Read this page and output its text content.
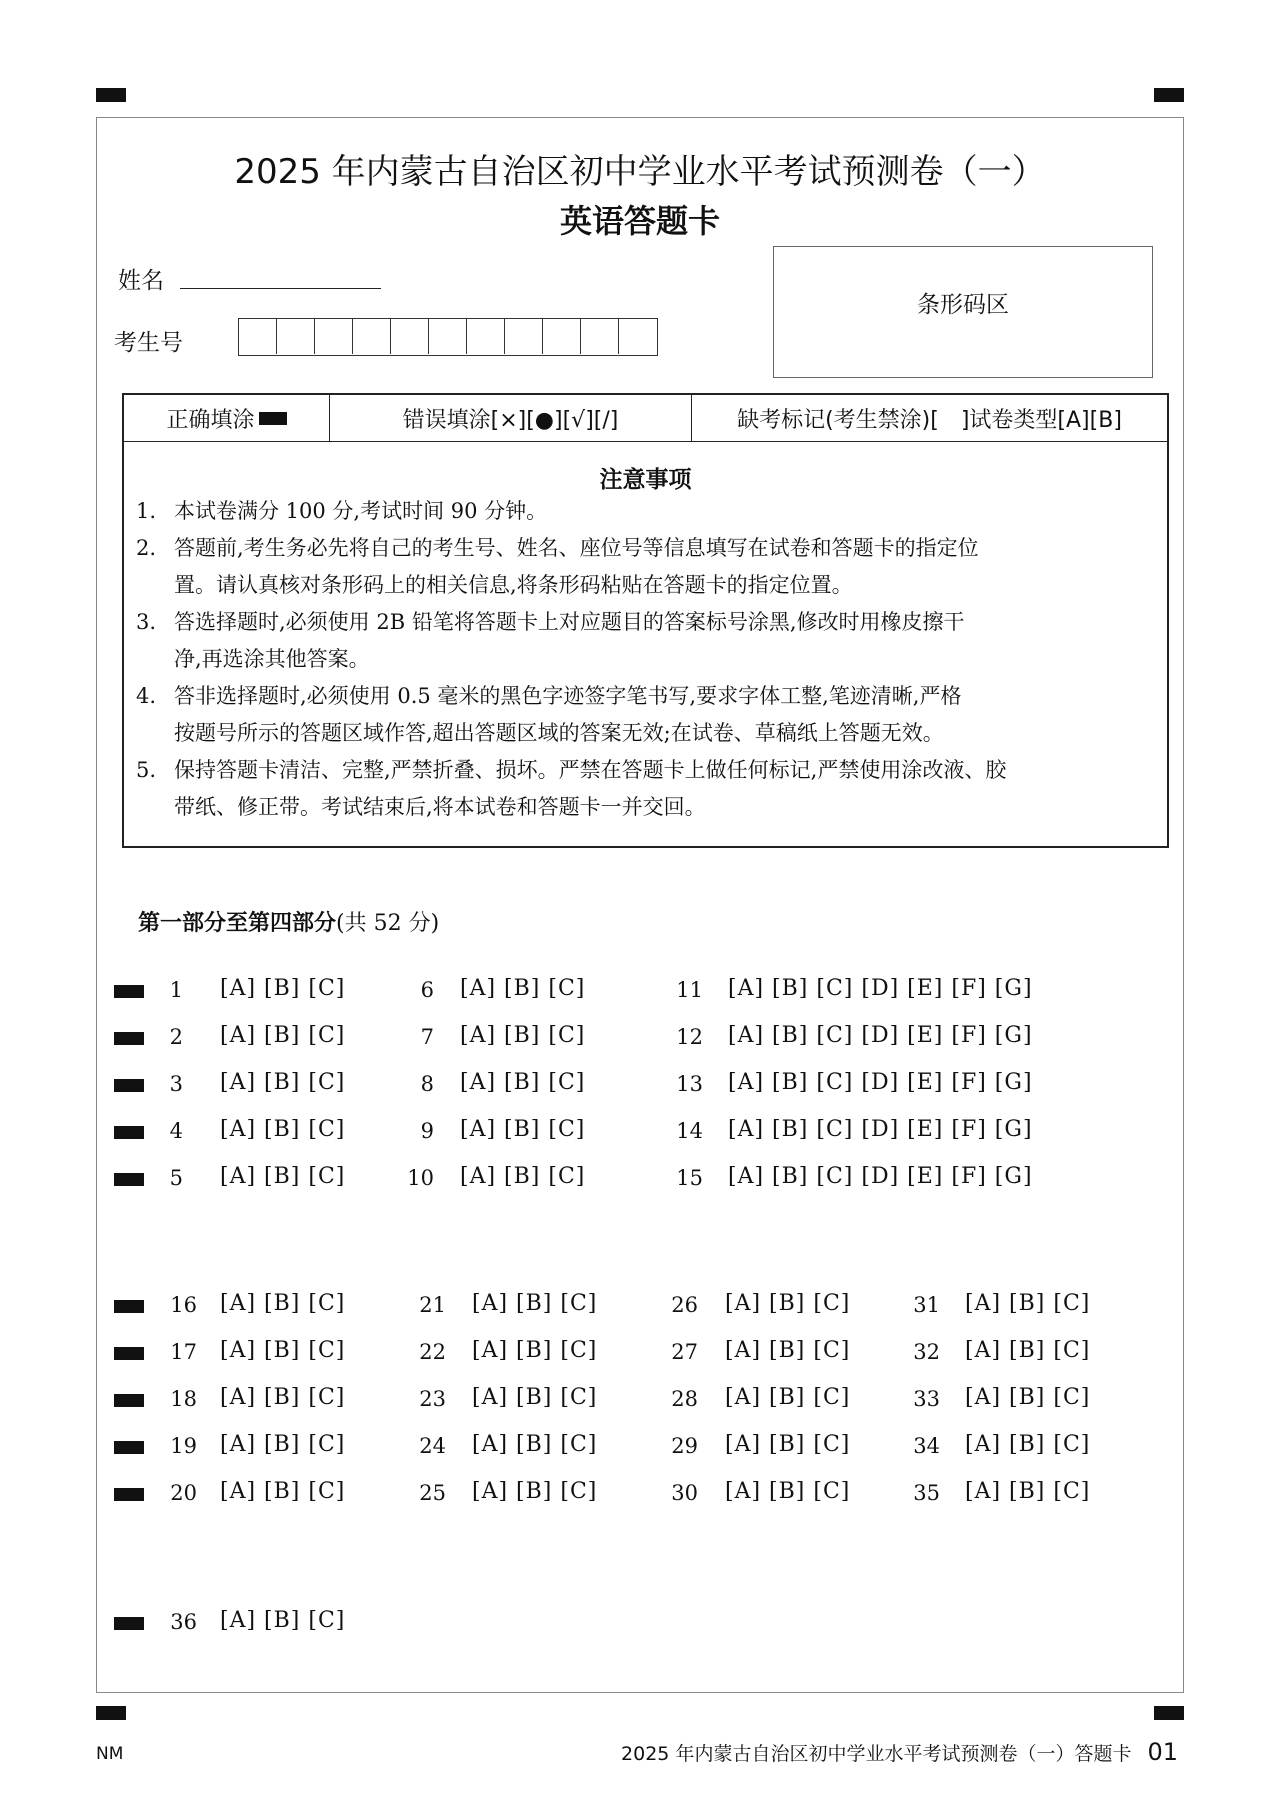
2025 年内蒙古自治区初中学业水平考试预测卷（一）
英语答题卡
姓名
考生号
条形码区
正确填涂	错误填涂[×][●][√][/]	缺考标记(考生禁涂)[　] 试卷类型[A][B]
注意事项
1. 本试卷满分 100 分,考试时间 90 分钟。
2. 答题前,考生务必先将自己的考生号、姓名、座位号等信息填写在试卷和答题卡的指定位
置。请认真核对条形码上的相关信息,将条形码粘贴在答题卡的指定位置。
3. 答选择题时,必须使用 2B 铅笔将答题卡上对应题目的答案标号涂黑,修改时用橡皮擦干
净,再选涂其他答案。
4. 答非选择题时,必须使用 0.5 毫米的黑色字迹签字笔书写,要求字体工整,笔迹清晰,严格
按题号所示的答题区域作答,超出答题区域的答案无效;在试卷、草稿纸上答题无效。
5. 保持答题卡清洁、完整,严禁折叠、损坏。严禁在答题卡上做任何标记,严禁使用涂改液、胶
带纸、修正带。考试结束后,将本试卷和答题卡一并交回。
第一部分至第四部分(共 52 分)
1 [A] [B] [C]
2 [A] [B] [C]
3 [A] [B] [C]
4 [A] [B] [C]
5 [A] [B] [C]
6 [A] [B] [C]
7 [A] [B] [C]
8 [A] [B] [C]
9 [A] [B] [C]
10 [A] [B] [C]
11 [A] [B] [C] [D] [E] [F] [G]
12 [A] [B] [C] [D] [E] [F] [G]
13 [A] [B] [C] [D] [E] [F] [G]
14 [A] [B] [C] [D] [E] [F] [G]
15 [A] [B] [C] [D] [E] [F] [G]
16 [A] [B] [C]
17 [A] [B] [C]
18 [A] [B] [C]
19 [A] [B] [C]
20 [A] [B] [C]
21 [A] [B] [C]
22 [A] [B] [C]
23 [A] [B] [C]
24 [A] [B] [C]
25 [A] [B] [C]
26 [A] [B] [C]
27 [A] [B] [C]
28 [A] [B] [C]
29 [A] [B] [C]
30 [A] [B] [C]
31 [A] [B] [C]
32 [A] [B] [C]
33 [A] [B] [C]
34 [A] [B] [C]
35 [A] [B] [C]
36 [A] [B] [C]
NM	2025 年内蒙古自治区初中学业水平考试预测卷（一）答题卡 01
